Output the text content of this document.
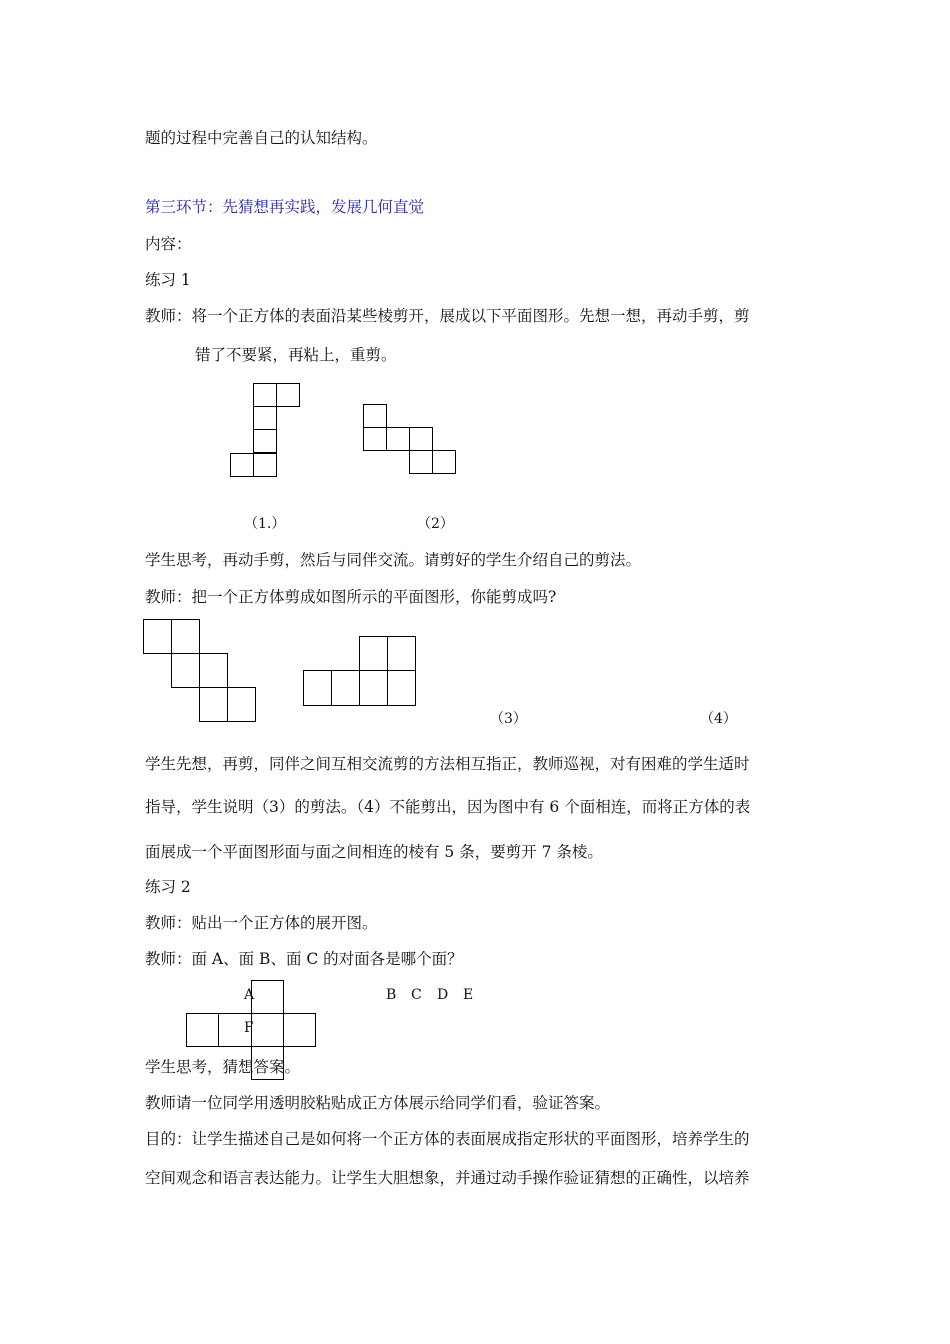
题的过程中完善自己的认知结构。
第三环节：先猜想再实践，发展几何直觉
内容：
练习 1
教师：将一个正方体的表面沿某些棱剪开，展成以下平面图形。先想一想，再动手剪，剪
错了不要紧，再粘上，重剪。
（1.）	（2）
学生思考，再动手剪，然后与同伴交流。请剪好的学生介绍自己的剪法。
教师：把一个正方体剪成如图所示的平面图形，你能剪成吗?
（3）	（4）
学生先想，再剪，同伴之间互相交流剪的方法相互指正，教师巡视，对有困难的学生适时
指导，学生说明（3）的剪法。（4）不能剪出，因为图中有 6 个面相连，而将正方体的表
面展成一个平面图形面与面之间相连的棱有 5 条，要剪开 7 条棱。
练习 2
教师：贴出一个正方体的展开图。
教师：面 A、面 B、面 C 的对面各是哪个面？
A
F
B C D E
学生思考，猜想答案。
教师请一位同学用透明胶粘贴成正方体展示给同学们看，验证答案。
目的：让学生描述自己是如何将一个正方体的表面展成指定形状的平面图形，培养学生的
空间观念和语言表达能力。让学生大胆想象，并通过动手操作验证猜想的正确性，以培养
